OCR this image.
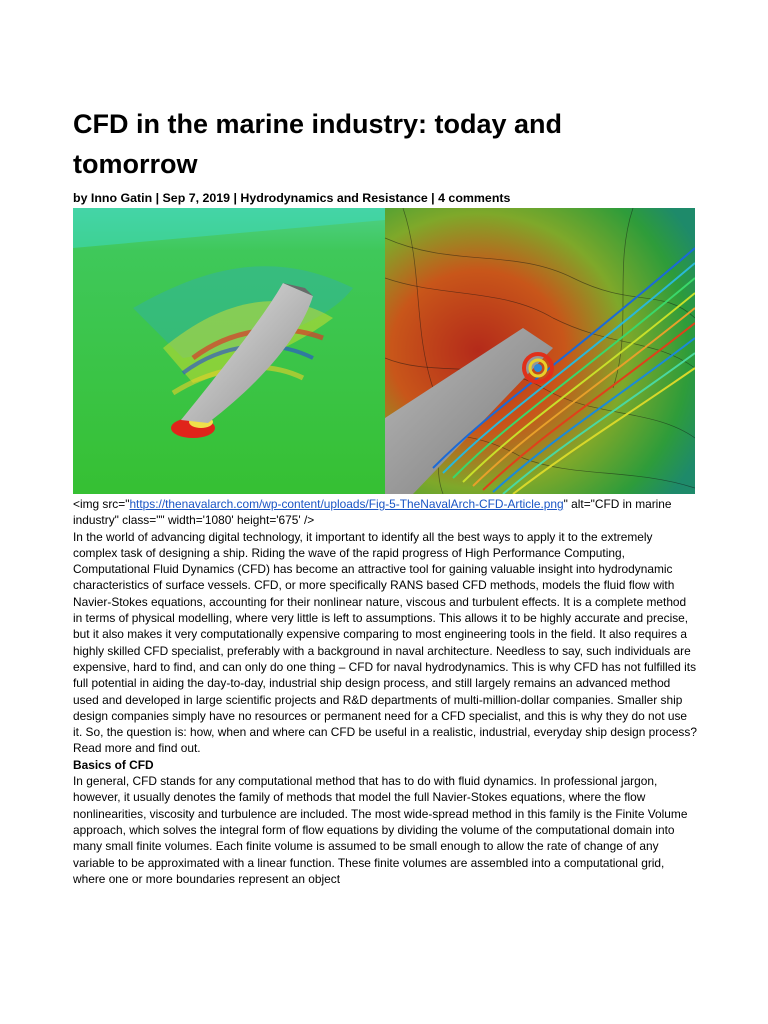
CFD in the marine industry: today and tomorrow
by Inno Gatin | Sep 7, 2019 | Hydrodynamics and Resistance | 4 comments

<img src="https://thenavalarch.com/wp-content/uploads/Fig-5-TheNavalArch-CFD-Article.png" alt="CFD in marine industry" class="" width='1080' height='675' />

In the world of advancing digital technology, it important to identify all the best ways to apply it to the extremely complex task of designing a ship. Riding the wave of the rapid progress of High Performance Computing, Computational Fluid Dynamics (CFD) has become an attractive tool for gaining valuable insight into hydrodynamic characteristics of surface vessels. CFD, or more specifically RANS based CFD methods, models the fluid flow with Navier-Stokes equations, accounting for their nonlinear nature, viscous and turbulent effects. It is a complete method in terms of physical modelling, where very little is left to assumptions. This allows it to be highly accurate and precise, but it also makes it very computationally expensive comparing to most engineering tools in the field. It also requires a highly skilled CFD specialist, preferably with a background in naval architecture. Needless to say, such individuals are expensive, hard to find, and can only do one thing – CFD for naval hydrodynamics. This is why CFD has not fulfilled its full potential in aiding the day-to-day, industrial ship design process, and still largely remains an advanced method used and developed in large scientific projects and R&D departments of multi-million-dollar companies. Smaller ship design companies simply have no resources or permanent need for a CFD specialist, and this is why they do not use it. So, the question is: how, when and where can CFD be useful in a realistic, industrial, everyday ship design process? Read more and find out.

Basics of CFD

In general, CFD stands for any computational method that has to do with fluid dynamics. In professional jargon, however, it usually denotes the family of methods that model the full Navier-Stokes equations, where the flow nonlinearities, viscosity and turbulence are included. The most wide-spread method in this family is the Finite Volume approach, which solves the integral form of flow equations by dividing the volume of the computational domain into many small finite volumes. Each finite volume is assumed to be small enough to allow the rate of change of any variable to be approximated with a linear function. These finite volumes are assembled into a computational grid, where one or more boundaries represent an object
